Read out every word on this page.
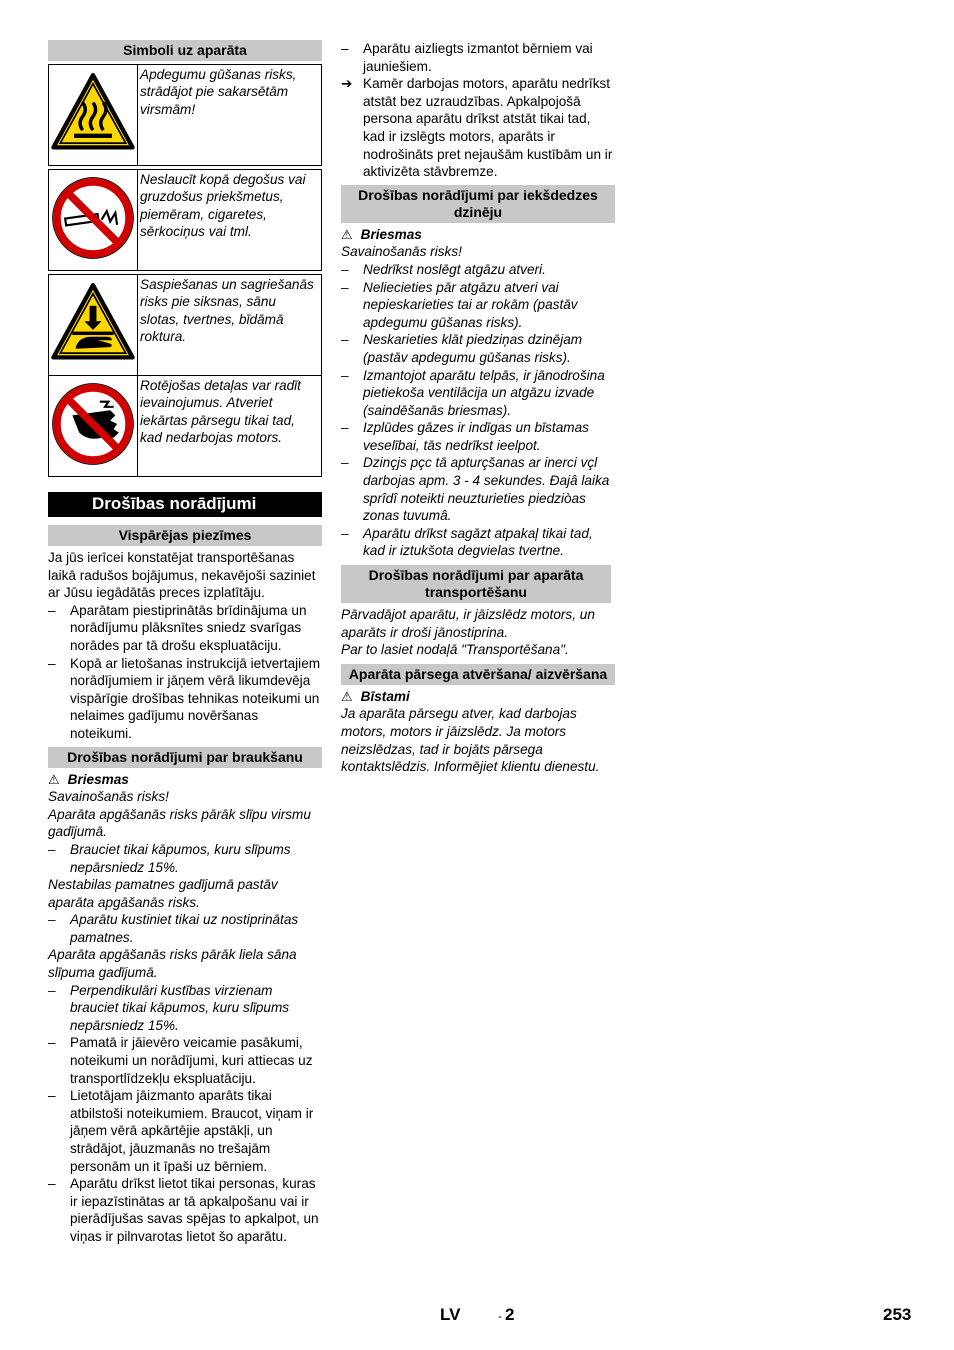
Simboli uz aparāta
	Apdegumu gūšanas risks, strādājot pie sakarsētām virsmām!

	Neslaucīt kopā degošus vai gruzdošus priekšmetus, piemēram, cigaretes, sērkociņus vai tml.

	Saspiešanas un sagriešanās risks pie siksnas, sānu slotas, tvertnes, bīdāmā roktura.
	Rotējošas detaļas var radīt ievainojumus. Atveriet iekārtas pārsegu tikai tad, kad nedarbojas motors.
Drošības norādījumi
Vispārējas piezīmes

Ja jūs ierīcei konstatējat transportēšanas laikā radušos bojājumus, nekavējoši saziniet ar Jūsu iegādātās preces izplatītāju.

– Aparātam piestiprinātās brīdinājuma un norādījumu plāksnītes sniedz svarīgas norādes par tā drošu ekspluatāciju.

– Kopā ar lietošanas instrukcijā ietvertajiem norādījumiem ir jāņem vērā likumdevēja vispārīgie drošības tehnikas noteikumi un nelaimes gadījumu novēršanas noteikumi.

Drošības norādījumi par braukšanu

⚠ Briesmas

Savainošanās risks!

Aparāta apgāšanās risks pārāk slīpu virsmu gadījumā.

– Brauciet tikai kāpumos, kuru slīpums nepārsniedz 15%.

Nestabilas pamatnes gadījumā pastāv aparāta apgāšanās risks.

– Aparātu kustiniet tikai uz nostiprinātas pamatnes.

Aparāta apgāšanās risks pārāk liela sāna slīpuma gadījumā.

– Perpendikulāri kustības virzienam brauciet tikai kāpumos, kuru slīpums nepārsniedz 15%.

– Pamatā ir jāievēro veicamie pasākumi, noteikumi un norādījumi, kuri attiecas uz transportlīdzekļu ekspluatāciju.

– Lietotājam jāizmanto aparāts tikai atbilstoši noteikumiem. Braucot, viņam ir jāņem vērā apkārtējie apstākļi, un strādājot, jāuzmanās no trešajām personām un it īpaši uz bērniem.

– Aparātu drīkst lietot tikai personas, kuras ir iepazīstinātas ar tā apkalpošanu vai ir pierādījušas savas spējas to apkalpot, un viņas ir pilnvarotas lietot šo aparātu.

– Aparātu aizliegts izmantot bērniem vai jauniešiem.

➔ Kamēr darbojas motors, aparātu nedrīkst atstāt bez uzraudzības. Apkalpojošā persona aparātu drīkst atstāt tikai tad, kad ir izslēgts motors, aparāts ir nodrošināts pret nejaušām kustībām un ir aktivizēta stāvbremze.

Drošības norādījumi par iekšdedzes dzinēju

⚠ Briesmas

Savainošanās risks!

– Nedrīkst noslēgt atgāzu atveri.

– Neliecieties pār atgāzu atveri vai nepieskarieties tai ar rokām (pastāv apdegumu gūšanas risks).

– Neskarieties klāt piedziņas dzinējam (pastāv apdegumu gūšanas risks).

– Izmantojot aparātu telpās, ir jānodrošina pietiekoša ventilācija un atgāzu izvade (saindēšanās briesmas).

– Izplūdes gāzes ir indīgas un bīstamas veselībai, tās nedrīkst ieelpot.

– Dzinçjs pçc tā apturçšanas ar inerci vçl darbojas apm. 3 - 4 sekundes. Ðajâ laika sprîdî noteikti neuzturieties piedziòas zonas tuvumâ.

– Aparātu drīkst sagāzt atpakaļ tikai tad, kad ir iztukšota degvielas tvertne.

Drošības norādījumi par aparāta transportēšanu

Pārvadājot aparātu, ir jāizslēdz motors, un aparāts ir droši jānostiprina.

Par to lasiet nodaļā "Transportēšana".

Aparāta pārsega atvēršana/ aizvēršana

⚠ Bīstami

Ja aparāta pārsegu atver, kad darbojas motors, motors ir jāizslēdz. Ja motors neizslēdzas, tad ir bojāts pārsega kontaktslēdzis. Informējiet klientu dienestu.

LV	- 2	253
